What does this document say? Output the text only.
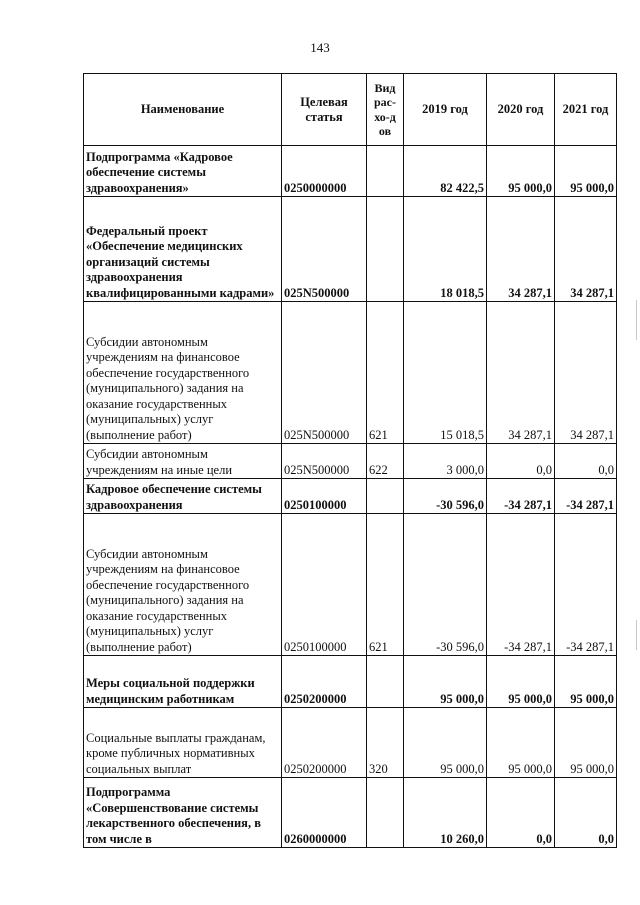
143
Наименование	Целевая статья	Вид рас-хо-дов	2019 год	2020 год	2021 год
Подпрограмма «Кадровое обеспечение системы здравоохранения»	0250000000		82 422,5	95 000,0	95 000,0
Федеральный проект «Обеспечение медицинских организаций системы здравоохранения квалифицированными кадрами»	025N500000		18 018,5	34 287,1	34 287,1
Субсидии автономным учреждениям на финансовое обеспечение государственного (муниципального) задания на оказание государственных (муниципальных) услуг (выполнение работ)	025N500000	621	15 018,5	34 287,1	34 287,1
Субсидии автономным учреждениям на иные цели	025N500000	622	3 000,0	0,0	0,0
Кадровое обеспечение системы здравоохранения	0250100000		-30 596,0	-34 287,1	-34 287,1
Субсидии автономным учреждениям на финансовое обеспечение государственного (муниципального) задания на оказание государственных (муниципальных) услуг (выполнение работ)	0250100000	621	-30 596,0	-34 287,1	-34 287,1
Меры социальной поддержки медицинским работникам	0250200000		95 000,0	95 000,0	95 000,0
Социальные выплаты гражданам, кроме публичных нормативных социальных выплат	0250200000	320	95 000,0	95 000,0	95 000,0
Подпрограмма «Совершенствование системы лекарственного обеспечения, в том числе в	0260000000		10 260,0	0,0	0,0
